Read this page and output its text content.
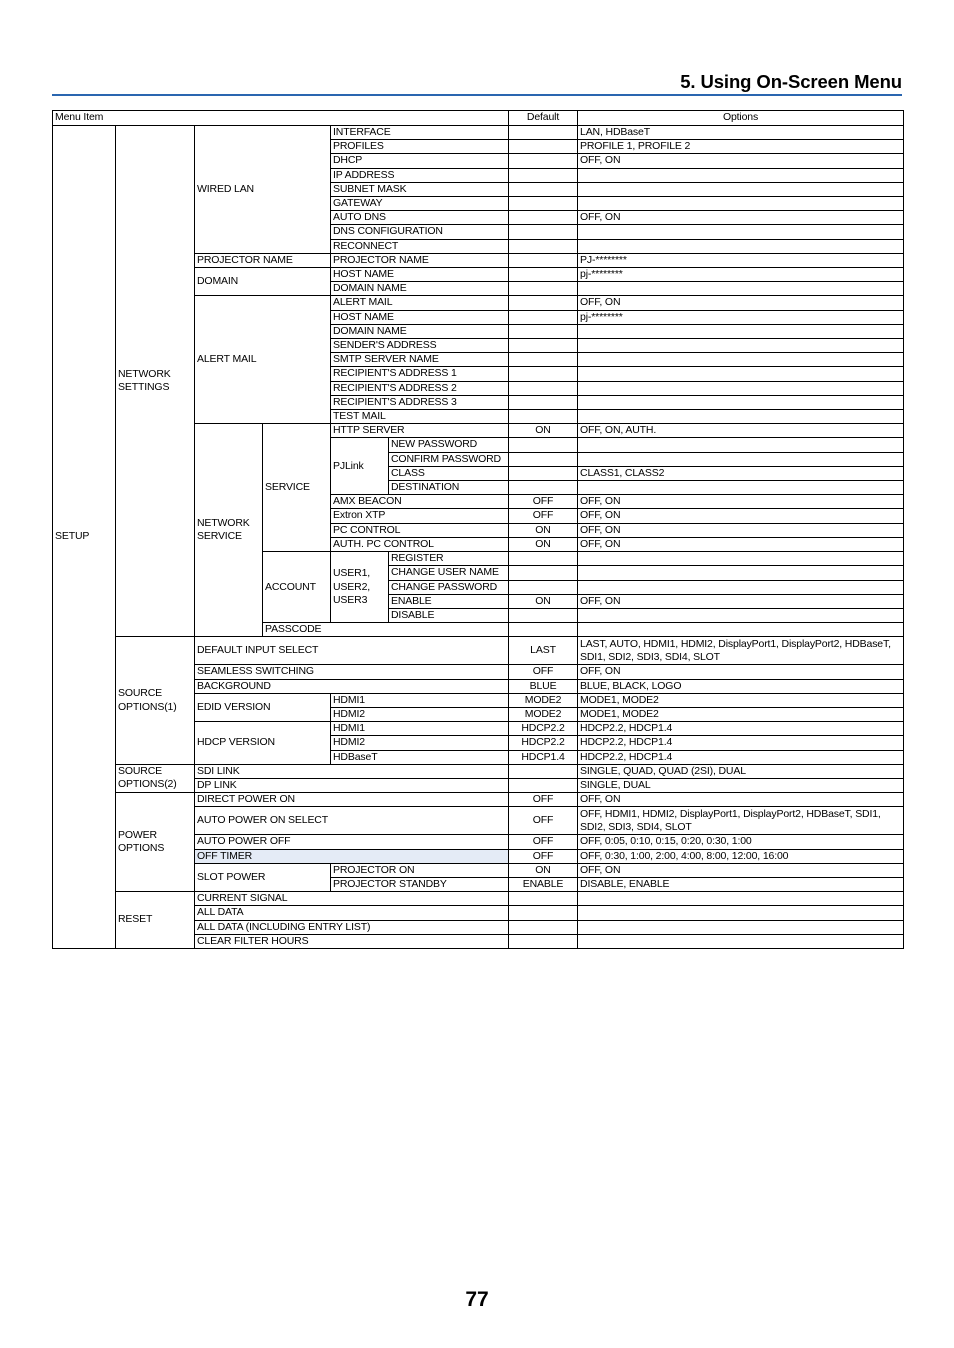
5. Using On-Screen Menu
Menu Item						Default	Options
SETUP	NETWORK SETTINGS	WIRED LAN		INTERFACE			LAN, HDBaseT
				PROFILES			PROFILE 1, PROFILE 2
				DHCP			OFF, ON
				IP ADDRESS			
				SUBNET MASK			
				GATEWAY			
				AUTO DNS			OFF, ON
				DNS CONFIGURATION			
				RECONNECT			
		PROJECTOR NAME		PROJECTOR NAME			PJ-********
		DOMAIN		HOST NAME			pj-********
				DOMAIN NAME			
		ALERT MAIL		ALERT MAIL			OFF, ON
				HOST NAME			pj-********
				DOMAIN NAME			
				SENDER'S ADDRESS			
				SMTP SERVER NAME			
				RECIPIENT'S ADDRESS 1			
				RECIPIENT'S ADDRESS 2			
				RECIPIENT'S ADDRESS 3			
				TEST MAIL			
		NETWORK SERVICE	SERVICE	HTTP SERVER		ON	OFF, ON, AUTH.
				PJLink	NEW PASSWORD		
					CONFIRM PASSWORD		
					CLASS		CLASS1, CLASS2
					DESTINATION		
				AMX BEACON		OFF	OFF, ON
				Extron XTP		OFF	OFF, ON
				PC CONTROL		ON	OFF, ON
				AUTH. PC CONTROL		ON	OFF, ON
			ACCOUNT	USER1,
USER2,
USER3	REGISTER		
					CHANGE USER NAME		
					CHANGE PASSWORD		
					ENABLE	ON	OFF, ON
					DISABLE		
			PASSCODE				
	SOURCE OPTIONS(1)	DEFAULT INPUT SELECT				LAST	LAST, AUTO, HDMI1, HDMI2, DisplayPort1, DisplayPort2, HDBaseT, SDI1, SDI2, SDI3, SDI4, SLOT
		SEAMLESS SWITCHING				OFF	OFF, ON
		BACKGROUND				BLUE	BLUE, BLACK, LOGO
		EDID VERSION		HDMI1		MODE2	MODE1, MODE2
				HDMI2		MODE2	MODE1, MODE2
		HDCP VERSION		HDMI1		HDCP2.2	HDCP2.2, HDCP1.4
				HDMI2		HDCP2.2	HDCP2.2, HDCP1.4
				HDBaseT		HDCP1.4	HDCP2.2, HDCP1.4
	SOURCE OPTIONS(2)	SDI LINK					SINGLE, QUAD, QUAD (2SI), DUAL
		DP LINK					SINGLE, DUAL
	POWER OPTIONS	DIRECT POWER ON				OFF	OFF, ON
		AUTO POWER ON SELECT				OFF	OFF, HDMI1, HDMI2, DisplayPort1, DisplayPort2, HDBaseT, SDI1, SDI2, SDI3, SDI4, SLOT
		AUTO POWER OFF				OFF	OFF, 0:05, 0:10, 0:15, 0:20, 0:30, 1:00
		OFF TIMER				OFF	OFF, 0:30, 1:00, 2:00, 4:00, 8:00, 12:00, 16:00
		SLOT POWER		PROJECTOR ON		ON	OFF, ON
				PROJECTOR STANDBY		ENABLE	DISABLE, ENABLE
	RESET	CURRENT SIGNAL					
		ALL DATA					
		ALL DATA (INCLUDING ENTRY LIST)					
		CLEAR FILTER HOURS					
77
